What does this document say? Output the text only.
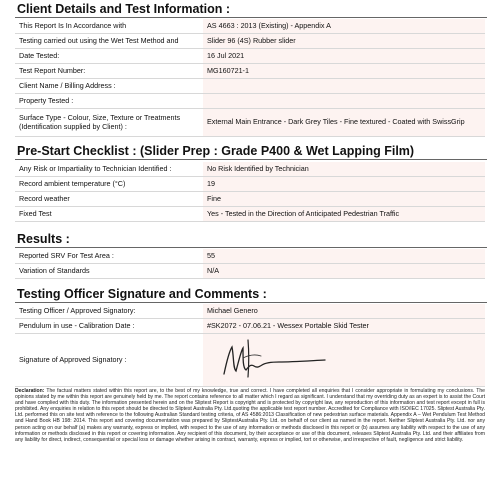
Client Details and Test Information :
This Report Is In Accordance with	AS 4663 : 2013 (Existing) - Appendix A
Testing carried out using the Wet Test Method and	Slider 96 (4S) Rubber slider
Date Tested:	16 Jul 2021
Test Report Number:	MG160721-1
Client Name / Billing Address :	
Property Tested :	

Surface Type - Colour, Size, Texture or Treatments
(Identification supplied by Client) :	External Main Entrance - Dark Grey Tiles - Fine textured - Coated with SwissGrip
Pre-Start Checklist : (Slider Prep : Grade P400 & Wet Lapping Film)
Any Risk or Impartiality to Technician Identified :	No Risk Identified by Technician
Record ambient temperature (°C)	19
Record weather	Fine
Fixed Test	Yes - Tested in the Direction of Anticipated Pedestrian Traffic
Results :
Reported SRV For Test Area :	55
Variation of Standards	N/A
Testing Officer Signature and Comments :
Testing Officer / Approved Signatory:	Michael Genero
Pendulum in use - Calibration Date :	#SK2072 - 07.06.21 - Wessex Portable Skid Tester
Signature of Approved Signatory :	
Declaration: The factual matters stated within this report are, to the best of my knowledge, true and correct. I have completed all enquiries that I consider appropriate in formulating my conclusions. The opinions stated by me within this report are genuinely held by me. The report contains reference to all matter which I regard as significant. I understand that my overriding duty as an expert is to assist the Court and have complied with this duty. The information presented herein and on the Sliptest Report is copyright and is protected by copyright law, any reproduction of this information and test report except in full is prohibited. Any enquiries in relation to this report should be directed to Sliptest Australia Pty. Ltd.quoting the applicable test report number. Accredited for Compliance with ISO/IEC 17025. Sliptest Australia Pty. Ltd. performed this on site test with reference to the following Australian Standard testing criteria, of AS 4586:2013 Classification of new pedestrian surface materials. Appendix A – Wet Pendulum Test Method and Hand Book HB 198: 2014. This report and covering documentation was prepared by SliptestAustralia Pty. Ltd. on behalf of our client as named in the report. Neither Sliptest Australia Pty. Ltd. nor any person acting on our behalf (a) makes any warranty, express or implied, with respect to the use of any information or methods disclosed in this report or (b) assumes any liability with respect to the use of any information or methods disclosed in this report or covering information. Any recipient of this document, by their acceptance or use of this document, releases Sliptest Australia Pty. Ltd. and their affiliates from any liability for direct, indirect, consequential or special loss or damage whether arising in contract, warranty, express or implied, tort or otherwise, and irrespective of fault, negligence and strict liability.
